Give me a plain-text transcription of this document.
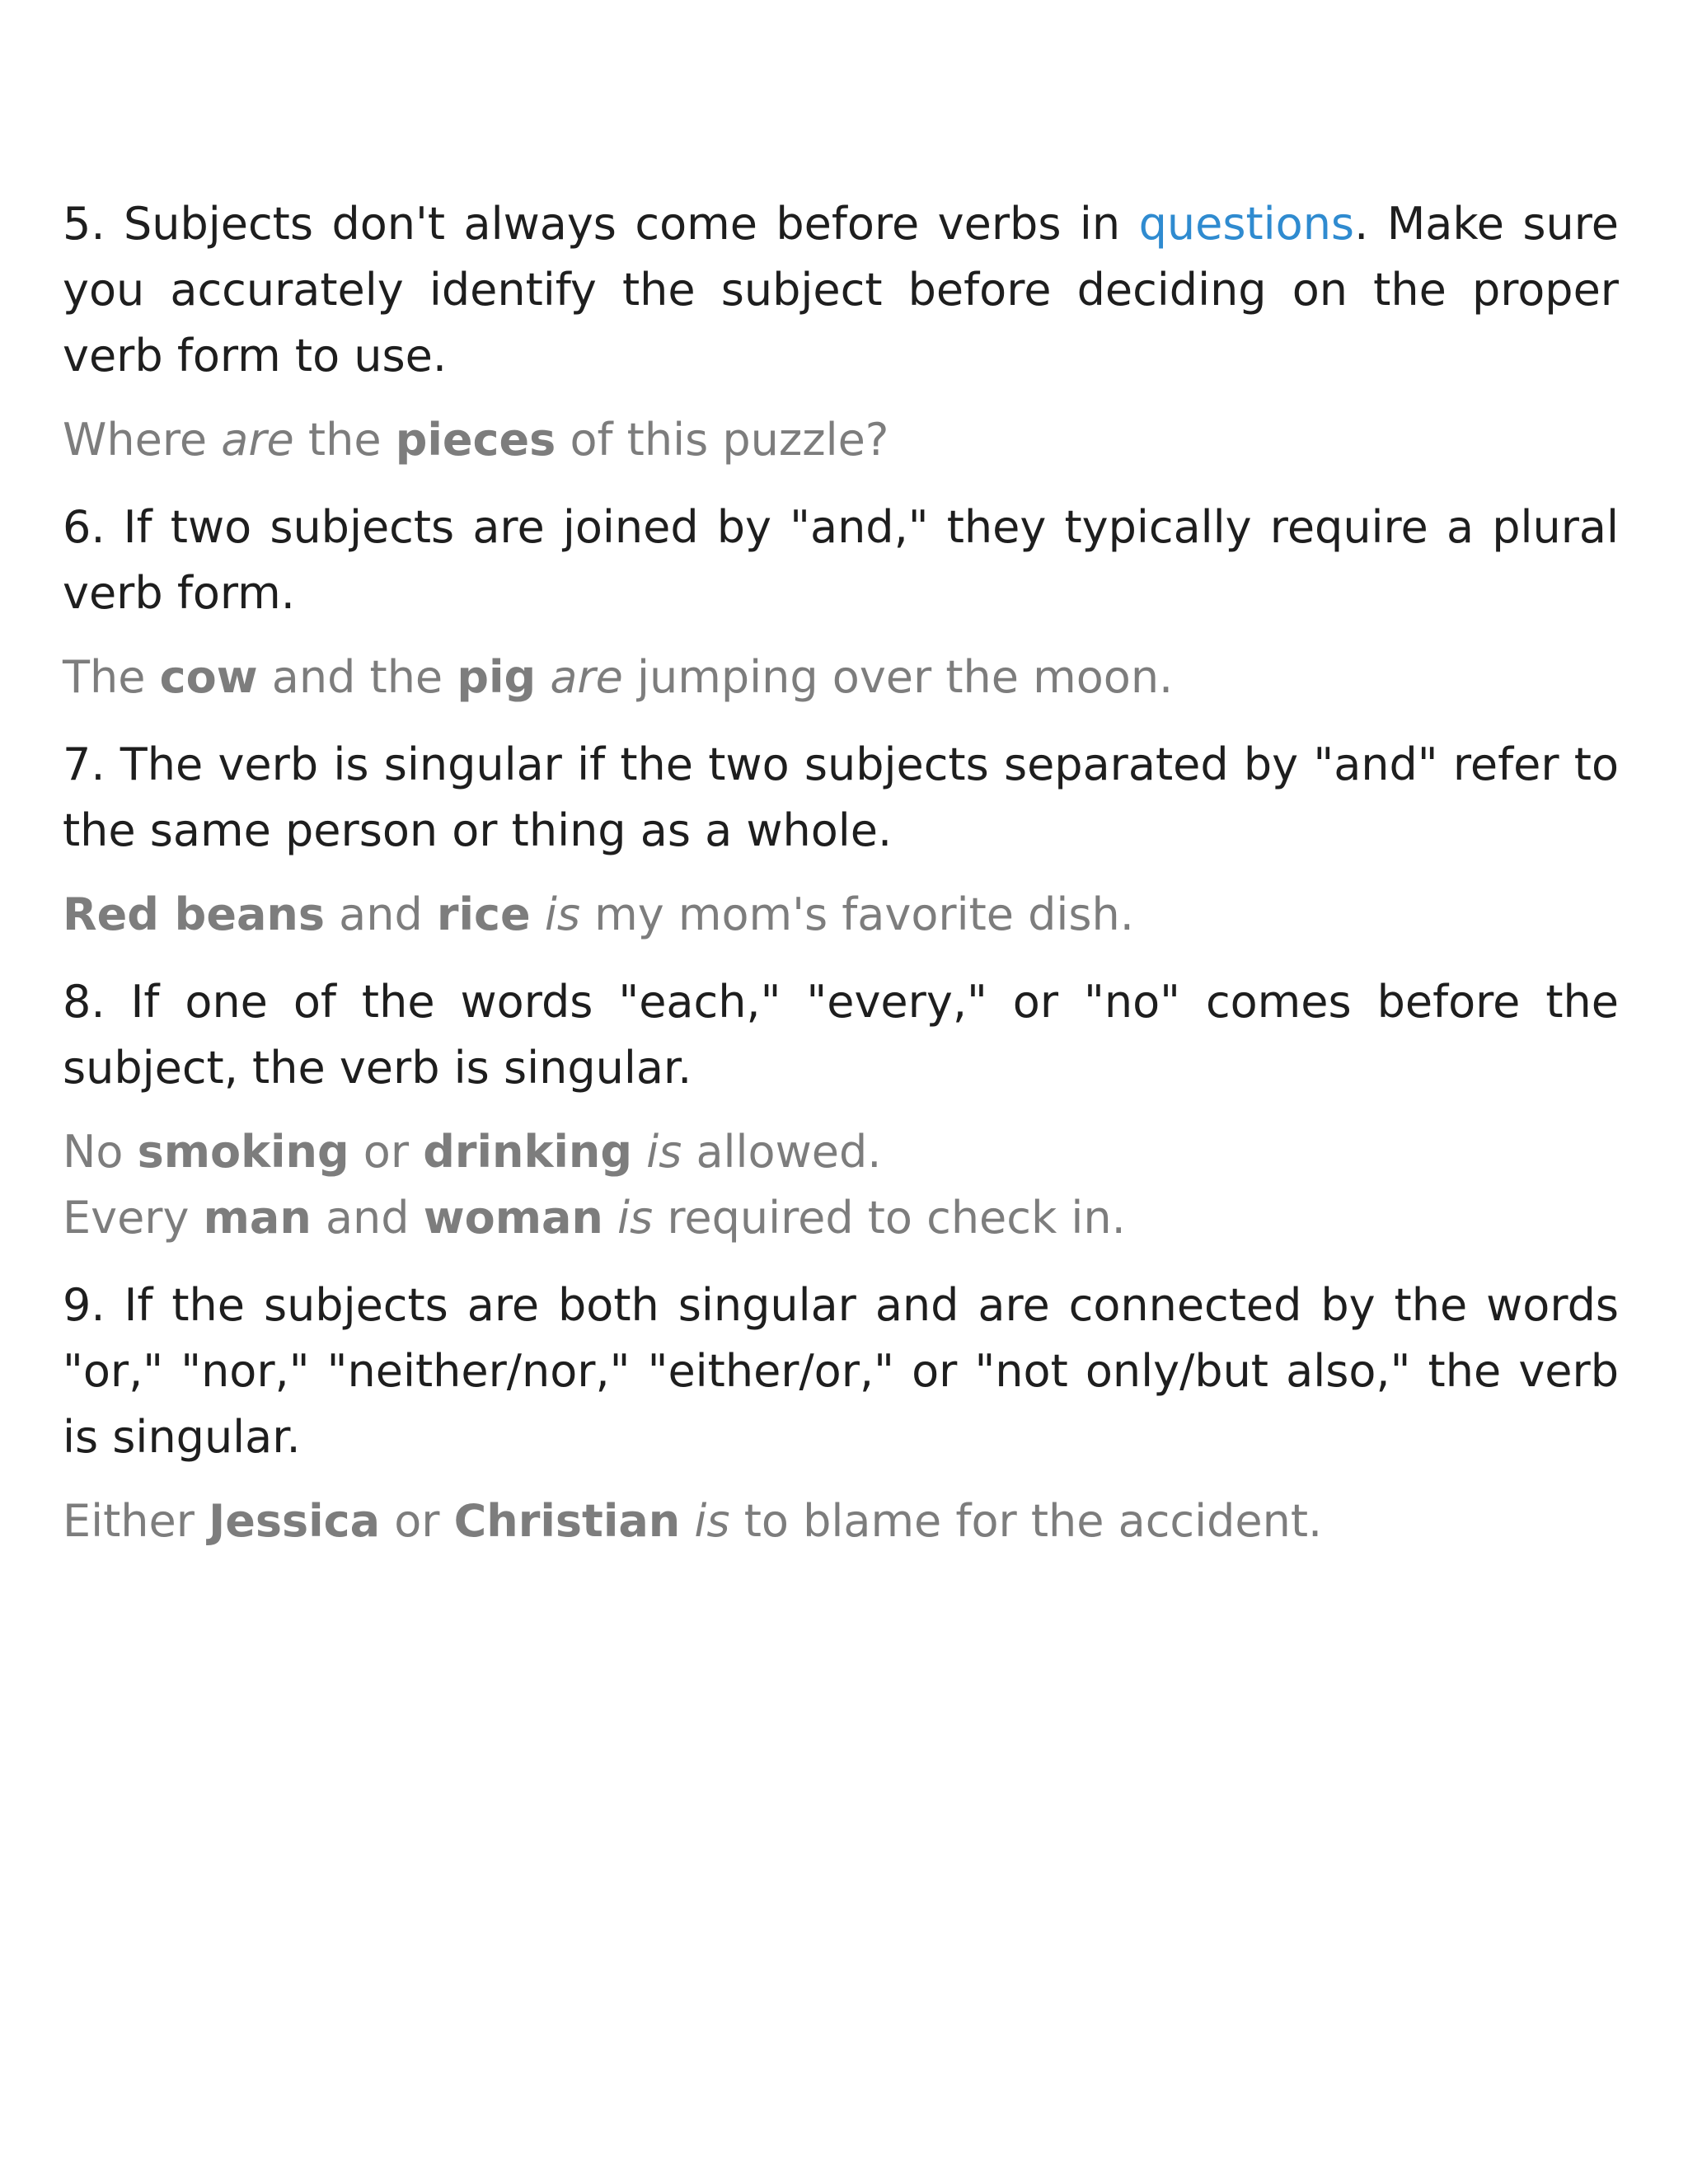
5. Subjects don't always come before verbs in questions. Make sure you accurately identify the subject before deciding on the proper verb form to use.

Where are the pieces of this puzzle?

6. If two subjects are joined by "and," they typically require a plural verb form.

The cow and the pig are jumping over the moon.

7. The verb is singular if the two subjects separated by "and" refer to the same person or thing as a whole.

Red beans and rice is my mom's favorite dish.

8. If one of the words "each," "every," or "no" comes before the subject, the verb is singular.

No smoking or drinking is allowed.
Every man and woman is required to check in.

9. If the subjects are both singular and are connected by the words "or," "nor," "neither/nor," "either/or," or "not only/but also," the verb is singular.

Either Jessica or Christian is to blame for the accident.
